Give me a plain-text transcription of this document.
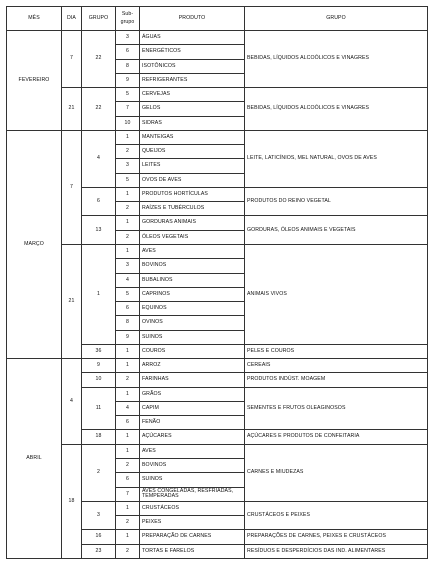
MÊS	DIA	GRUPO	Sub-grupo	PRODUTO	GRUPO
FEVEREIRO	7	22	3	ÁGUAS	BEBIDAS, LÍQUIDOS ALCOÓLICOS E VINAGRES
			6	ENERGÉTICOS	
			8	ISOTÔNICOS	
			9	REFRIGERANTES	
	21	22	5	CERVEJAS	BEBIDAS, LÍQUIDOS ALCOÓLICOS E VINAGRES
			7	GELOS	
			10	SIDRAS	
MARÇO	7	4	1	MANTEIGAS	LEITE, LATICÍNIOS, MEL NATURAL, OVOS DE AVES
			2	QUEIJOS	
			3	LEITES	
			5	OVOS DE AVES	
		6	1	PRODUTOS HORTÍCULAS	PRODUTOS DO REINO VEGETAL
			2	RAÍZES E TUBÉRCULOS	
		13	1	GORDURAS ANIMAIS	GORDURAS, ÓLEOS ANIMAIS E VEGETAIS
			2	ÓLEOS VEGETAIS	
	21	1	1	AVES	ANIMAIS VIVOS
			3	BOVINOS	
			4	BUBALINOS	
			5	CAPRINOS	
			6	EQUINOS	
			8	OVINOS	
			9	SUINOS	
		36	1	COUROS	PELES E COUROS
ABRIL	4	9	1	ARROZ	CEREAIS
		10	2	FARINHAS	PRODUTOS INDÚST. MOAGEM
		11	1	GRÃOS	SEMENTES E FRUTOS OLEAGINOSOS
			4	CAPIM	
			6	FENÃO	
		18	1	AÇÚCARES	AÇÚCARES E PRODUTOS DE CONFEITARIA
	18	2	1	AVES	CARNES E MIUDEZAS
			2	BOVINOS	
			6	SUINOS	
			7	AVES CONGELADAS, RESFRIADAS, TEMPERADAS	
		3	1	CRUSTÁCEOS	CRUSTÁCEOS E PEIXES
			2	PEIXES	
		16	1	PREPARAÇÃO DE CARNES	PREPARAÇÕES DE CARNES, PEIXES E CRUSTÁCEOS
		23	2	TORTAS E FARELOS	RESÍDUOS E DESPERDÍCIOS DAS IND. ALIMENTARES
